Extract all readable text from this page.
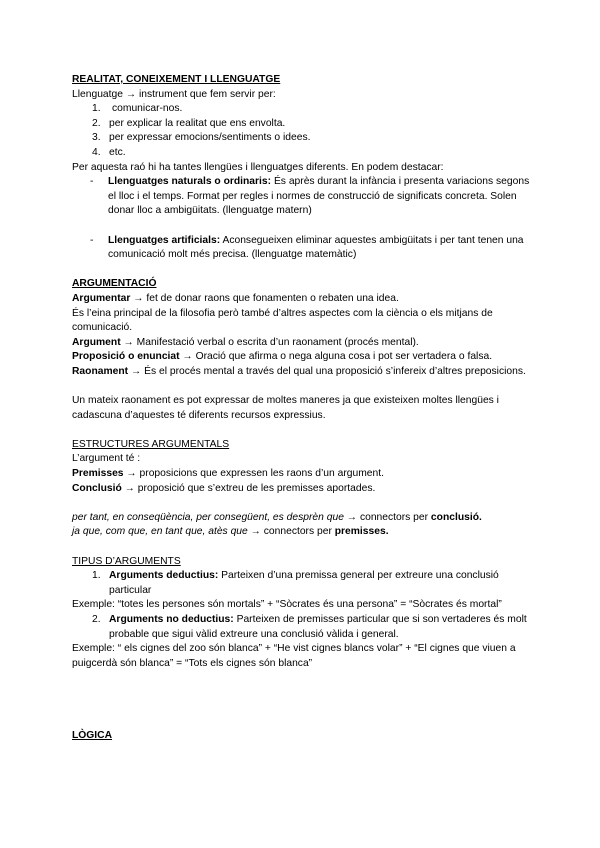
REALITAT, CONEIXEMENT I LLENGUATGE

Llenguatge → instrument que fem servir per:

1. comunicar-nos.
2. per explicar la realitat que ens envolta.
3. per expressar emocions/sentiments o idees.
4. etc.

Per aquesta raó hi ha tantes llengües i llenguatges diferents. En podem destacar:

- Llenguatges naturals o ordinaris: És après durant la infància i presenta variacions segons el lloc i el temps. Format per regles i normes de construcció de significats concreta. Solen donar lloc a ambigüitats. (llenguatge matern)
- Llenguatges artificials: Aconsegueixen eliminar aquestes ambigüitats i per tant tenen una comunicació molt més precisa. (llenguatge matemàtic)

ARGUMENTACIÓ

Argumentar → fet de donar raons que fonamenten o rebaten una idea.

És l’eina principal de la filosofia però també d’altres aspectes com la ciència o els mitjans de comunicació.

Argument → Manifestació verbal o escrita d’un raonament (procés mental).

Proposició o enunciat → Oració que afirma o nega alguna cosa i pot ser vertadera o falsa.

Raonament → És el procés mental a través del qual una proposició s’infereix d’altres preposicions.

Un mateix raonament es pot expressar de moltes maneres ja que existeixen moltes llengües i cadascuna d’aquestes té diferents recursos expressius.

ESTRUCTURES ARGUMENTALS

L’argument té :

Premisses → proposicions que expressen les raons d’un argument.

Conclusió → proposició que s’extreu de les premisses aportades.

per tant, en conseqüència, per consegüent, es desprèn que → connectors per conclusió.

ja que, com que, en tant que, atès que → connectors per premisses.

TIPUS D’ARGUMENTS

1. Arguments deductius: Parteixen d’una premissa general per extreure una conclusió particular

Exemple: “totes les persones són mortals” + “Sòcrates és una persona” = “Sòcrates és mortal”

2. Arguments no deductius: Parteixen de premisses particular que si son vertaderes és molt probable que sigui vàlid extreure una conclusió vàlida i general.

Exemple: “ els cignes del zoo són blanca” + “He vist cignes blancs volar” + “El cignes que viuen a puigcerdà són blanca” = “Tots els cignes són blanca”

LÒGICA
